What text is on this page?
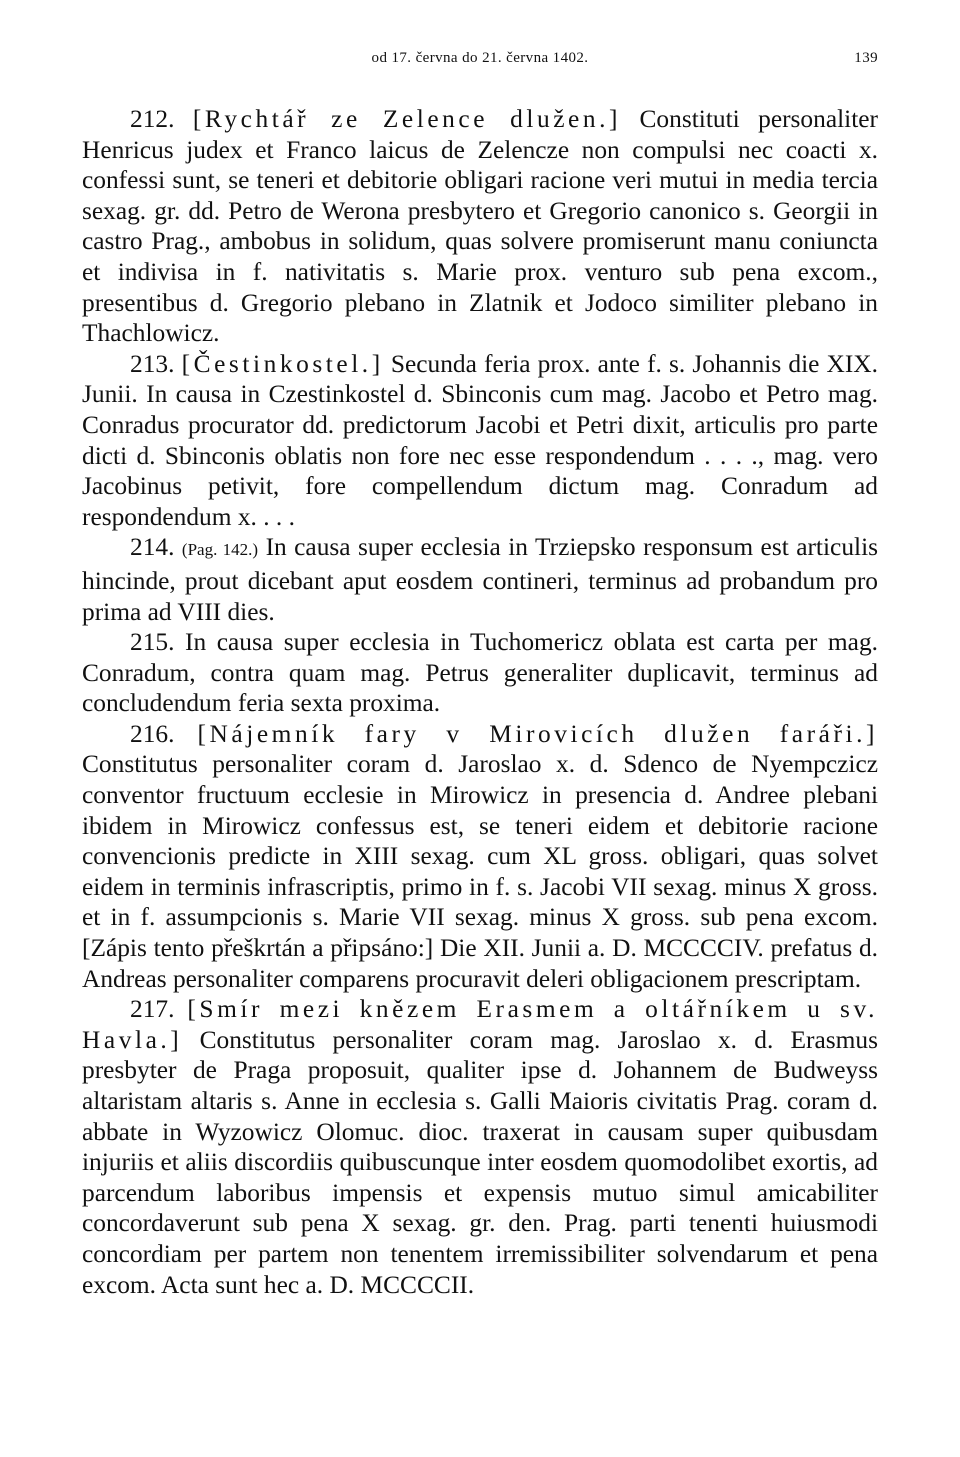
od 17. června do 21. června 1402.	139

212. [Rychtář ze Zelence dlužen.] Constituti personaliter Henricus judex et Franco laicus de Zelencze non compulsi nec coacti x. confessi sunt, se teneri et debitorie obligari racione veri mutui in media tercia sexag. gr. dd. Petro de Werona presbytero et Gregorio canonico s. Georgii in castro Prag., ambobus in solidum, quas solvere promiserunt manu coniuncta et indivisa in f. nativitatis s. Marie prox. venturo sub pena excom., presentibus d. Gregorio plebano in Zlatnik et Jodoco similiter plebano in Thachlowicz.

213. [Čestinkostel.] Secunda feria prox. ante f. s. Johannis die XIX. Junii. In causa in Czestinkostel d. Sbinconis cum mag. Jacobo et Petro mag. Conradus procurator dd. predictorum Jacobi et Petri dixit, articulis pro parte dicti d. Sbinconis oblatis non fore nec esse respondendum . . . ., mag. vero Jacobinus petivit, fore compellendum dictum mag. Conradum ad respondendum x. . . .

214. (Pag. 142.) In causa super ecclesia in Trziepsko responsum est articulis hincinde, prout dicebant aput eosdem contineri, terminus ad probandum pro prima ad VIII dies.

215. In causa super ecclesia in Tuchomericz oblata est carta per mag. Conradum, contra quam mag. Petrus generaliter duplicavit, terminus ad concludendum feria sexta proxima.

216. [Nájemník fary v Mirovicích dlužen faráři.] Constitutus personaliter coram d. Jaroslao x. d. Sdenco de Nyempczicz conventor fructuum ecclesie in Mirowicz in presencia d. Andree plebani ibidem in Mirowicz confessus est, se teneri eidem et debitorie racione convencionis predicte in XIII sexag. cum XL gross. obligari, quas solvet eidem in terminis infrascriptis, primo in f. s. Jacobi VII sexag. minus X gross. et in f. assumpcionis s. Marie VII sexag. minus X gross. sub pena excom. [Zápis tento přeškrtán a připsáno:] Die XII. Junii a. D. MCCCCIV. prefatus d. Andreas personaliter comparens procuravit deleri obligacionem prescriptam.

217. [Smír mezi knězem Erasmem a oltářníkem u sv. Havla.] Constitutus personaliter coram mag. Jaroslao x. d. Erasmus presbyter de Praga proposuit, qualiter ipse d. Johannem de Budweyss altaristam altaris s. Anne in ecclesia s. Galli Maioris civitatis Prag. coram d. abbate in Wyzowicz Olomuc. dioc. traxerat in causam super quibusdam injuriis et aliis discordiis quibuscunque inter eosdem quomodolibet exortis, ad parcendum laboribus impensis et expensis mutuo simul amicabiliter concordaverunt sub pena X sexag. gr. den. Prag. parti tenenti huiusmodi concordiam per partem non tenentem irremissibiliter solvendarum et pena excom. Acta sunt hec a. D. MCCCCII.
